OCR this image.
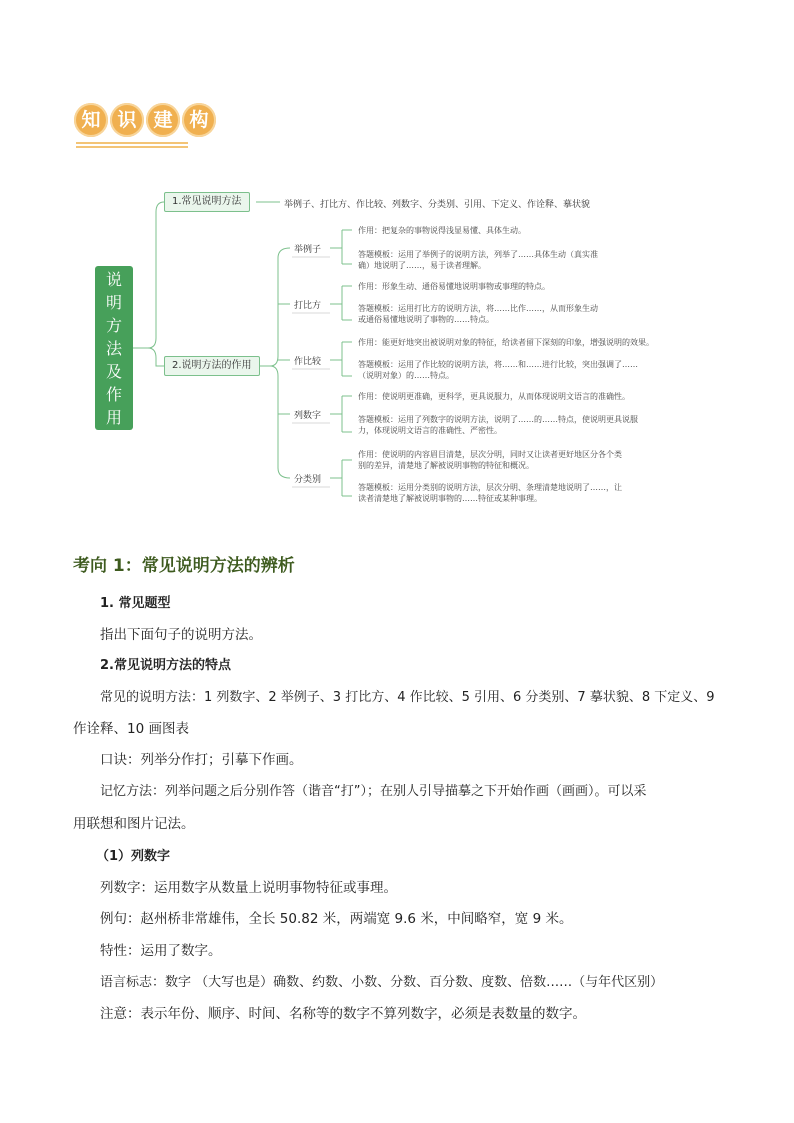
知 识 建 构
说
明
方
法
及
作
用
1.常见说明方法	举例子、打比方、作比较、列数字、分类别、引用、下定义、作诠释、摹状貌
2.说明方法的作用
举例子
作用：把复杂的事物说得浅显易懂、具体生动。
答题模板：运用了举例子的说明方法，列举了……具体生动（真实准
确）地说明了……，易于读者理解。
打比方
作用：形象生动、通俗易懂地说明事物或事理的特点。
答题模板：运用打比方的说明方法，将……比作……，从而形象生动
或通俗易懂地说明了事物的……特点。
作比较
作用：能更好地突出被说明对象的特征，给读者留下深刻的印象，增强说明的效果。
答题模板：运用了作比较的说明方法，将……和……进行比较，突出强调了……
（说明对象）的……特点。
列数字
作用：使说明更准确，更科学，更具说服力，从而体现说明文语言的准确性。
答题模板：运用了列数字的说明方法，说明了……的……特点，使说明更具说服
力，体现说明文语言的准确性、严密性。
分类别
作用：使说明的内容眉目清楚，层次分明，同时又让读者更好地区分各个类
别的差异，清楚地了解被说明事物的特征和概况。
答题模板：运用分类别的说明方法，层次分明、条理清楚地说明了……，让
读者清楚地了解被说明事物的……特征或某种事理。
考向 1：常见说明方法的辨析
1. 常见题型
指出下面句子的说明方法。
2.常见说明方法的特点
常见的说明方法：1 列数字、2 举例子、3 打比方、4 作比较、5 引用、6 分类别、7 摹状貌、8 下定义、9
作诠释、10 画图表
口诀：列举分作打；引摹下作画。
记忆方法：列举问题之后分别作答（谐音“打”）；在别人引导描摹之下开始作画（画画）。可以采
用联想和图片记法。
（1）列数字
列数字：运用数字从数量上说明事物特征或事理。
例句：赵州桥非常雄伟，全长 50.82 米，两端宽 9.6 米，中间略窄，宽 9 米。
特性：运用了数字。
语言标志：数字 （大写也是）确数、约数、小数、分数、百分数、度数、倍数……（与年代区别）
注意：表示年份、顺序、时间、名称等的数字不算列数字，必须是表数量的数字。
